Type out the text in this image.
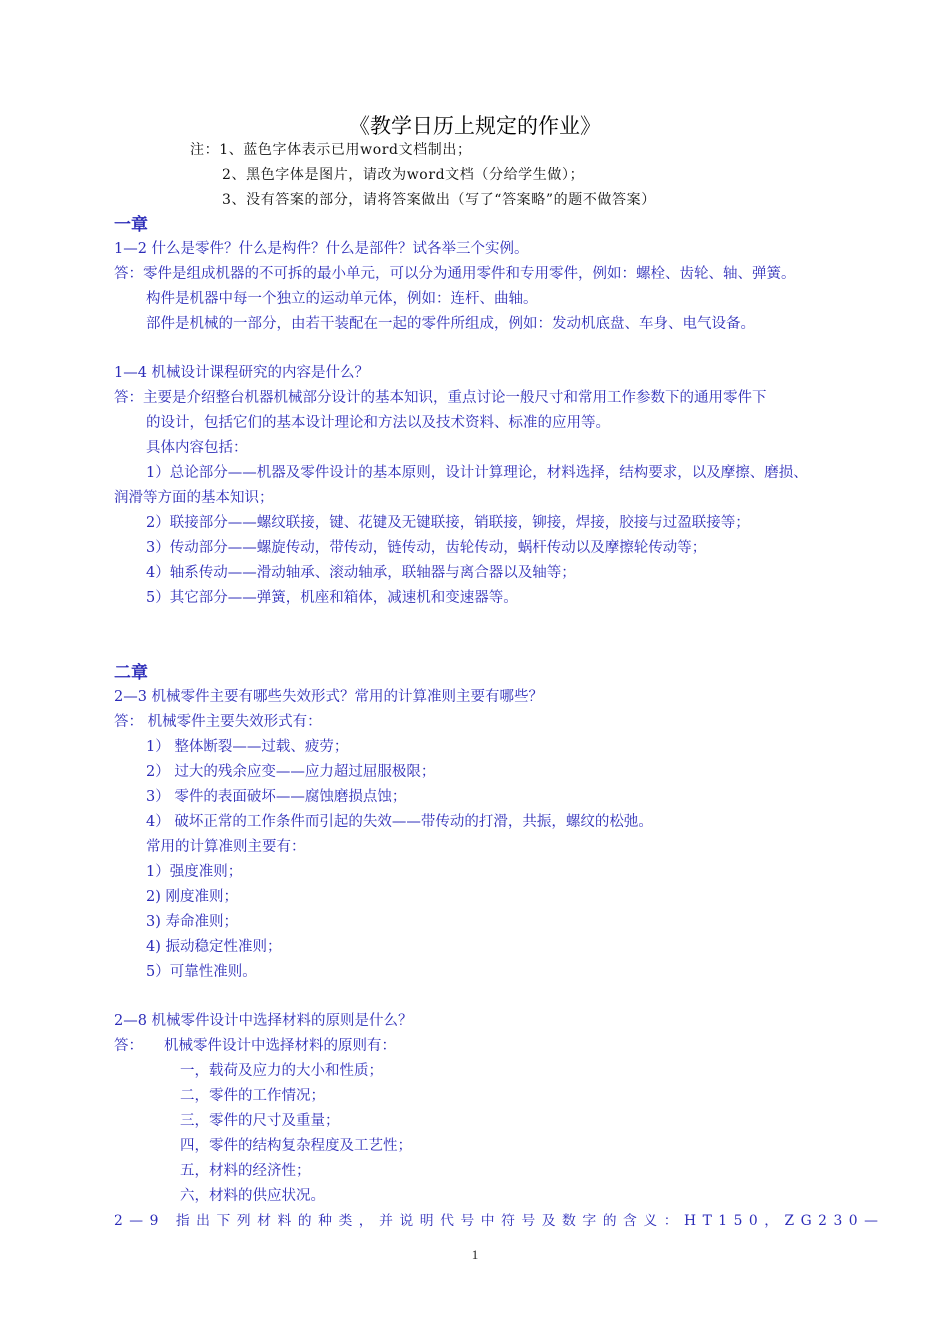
《教学日历上规定的作业》
注：1、蓝色字体表示已用word文档制出；
2、黑色字体是图片，请改为word文档（分给学生做）；
3、没有答案的部分，请将答案做出（写了“答案略”的题不做答案）
一章
1—2 什么是零件？什么是构件？什么是部件？试各举三个实例。
答：零件是组成机器的不可拆的最小单元，可以分为通用零件和专用零件，例如：螺栓、齿轮、轴、弹簧。
构件是机器中每一个独立的运动单元体，例如：连杆、曲轴。
部件是机械的一部分，由若干装配在一起的零件所组成，例如：发动机底盘、车身、电气设备。
1—4 机械设计课程研究的内容是什么？
答：主要是介绍整台机器机械部分设计的基本知识，重点讨论一般尺寸和常用工作参数下的通用零件下
的设计，包括它们的基本设计理论和方法以及技术资料、标准的应用等。
具体内容包括：
1）总论部分——机器及零件设计的基本原则，设计计算理论，材料选择，结构要求，以及摩擦、磨损、
润滑等方面的基本知识；
2）联接部分——螺纹联接，键、花键及无键联接，销联接，铆接，焊接，胶接与过盈联接等；
3）传动部分——螺旋传动，带传动，链传动，齿轮传动，蜗杆传动以及摩擦轮传动等；
4）轴系传动——滑动轴承、滚动轴承，联轴器与离合器以及轴等；
5）其它部分——弹簧，机座和箱体，减速机和变速器等。
二章
2—3 机械零件主要有哪些失效形式？常用的计算准则主要有哪些？
答： 机械零件主要失效形式有：
1） 整体断裂——过载、疲劳；
2） 过大的残余应变——应力超过屈服极限；
3） 零件的表面破坏——腐蚀磨损点蚀；
4） 破坏正常的工作条件而引起的失效——带传动的打滑，共振，螺纹的松弛。
常用的计算准则主要有：
1）强度准则；
2) 刚度准则；
3) 寿命准则；
4) 振动稳定性准则；
5）可靠性准则。
2—8 机械零件设计中选择材料的原则是什么？
答： 机械零件设计中选择材料的原则有：
一，载荷及应力的大小和性质；
二，零件的工作情况；
三，零件的尺寸及重量；
四，零件的结构复杂程度及工艺性；
五，材料的经济性；
六，材料的供应状况。
2—9 指出下列材料的种类，并说明代号中符号及数字的含义：HT150，ZG230—
1
